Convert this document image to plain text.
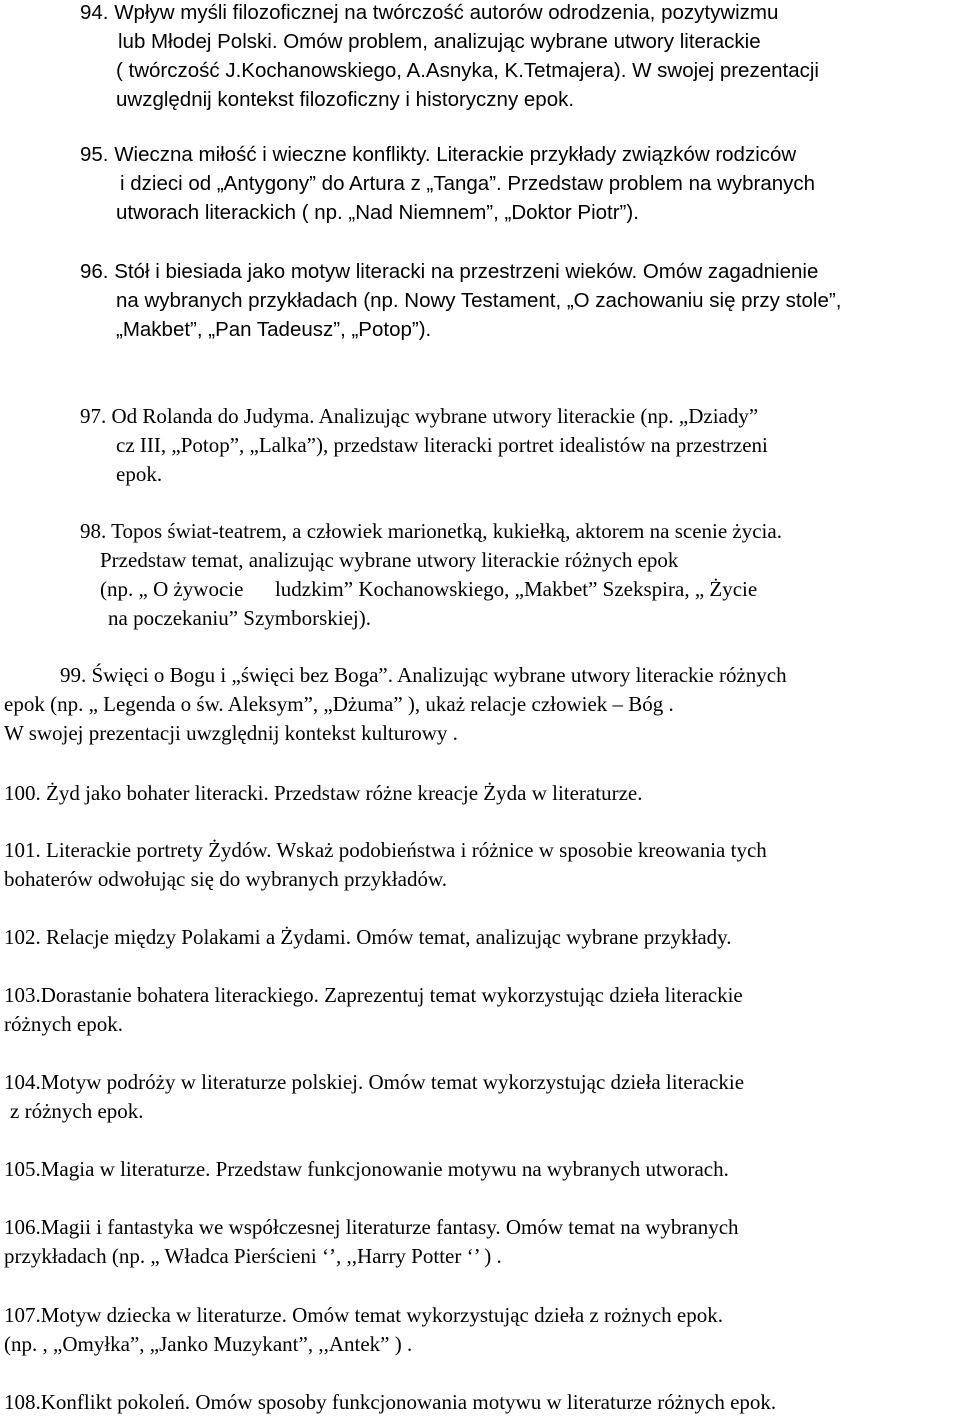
94. Wpływ myśli filozoficznej na twórczość autorów odrodzenia, pozytywizmu

lub Młodej Polski. Omów problem, analizując wybrane utwory literackie

( twórczość J.Kochanowskiego, A.Asnyka, K.Tetmajera). W swojej prezentacji

uwzględnij kontekst filozoficzny i historyczny epok.

95. Wieczna miłość i wieczne konflikty. Literackie przykłady związków rodziców

i dzieci od „Antygony” do Artura z „Tanga”. Przedstaw problem na wybranych

utworach literackich ( np. „Nad Niemnem”, „Doktor Piotr”).

96. Stół i biesiada jako motyw literacki na przestrzeni wieków. Omów zagadnienie

na wybranych przykładach (np. Nowy Testament, „O zachowaniu się przy stole”,

„Makbet”, „Pan Tadeusz”, „Potop”).

97. Od Rolanda do Judyma. Analizując wybrane utwory literackie (np. „Dziady”

cz III, „Potop”, „Lalka”), przedstaw literacki portret idealistów na przestrzeni

epok.

98. Topos świat-teatrem, a człowiek marionetką, kukiełką, aktorem na scenie życia.

Przedstaw temat, analizując wybrane utwory literackie różnych epok

(np. „ O żywocie      ludzkim” Kochanowskiego, „Makbet” Szekspira, „ Życie

na poczekaniu” Szymborskiej).

99. Święci o Bogu i „święci bez Boga”. Analizując wybrane utwory literackie różnych

epok (np. „ Legenda o św. Aleksym”, „Dżuma” ), ukaż relacje człowiek – Bóg .

W swojej prezentacji uwzględnij kontekst kulturowy .

100. Żyd jako bohater literacki. Przedstaw różne kreacje Żyda w literaturze.

101. Literackie portrety Żydów. Wskaż podobieństwa i różnice w sposobie kreowania tych

bohaterów odwołując się do wybranych przykładów.

102. Relacje między Polakami a Żydami. Omów temat, analizując wybrane przykłady.

103.Dorastanie bohatera literackiego. Zaprezentuj temat wykorzystując dzieła literackie

różnych epok.

104.Motyw podróży w literaturze polskiej. Omów temat wykorzystując dzieła literackie

z różnych epok.

105.Magia w literaturze. Przedstaw funkcjonowanie motywu na wybranych utworach.

106.Magii i fantastyka we współczesnej literaturze fantasy. Omów temat na wybranych

przykładach (np. „ Władca Pierścieni ‘’, ,,Harry Potter ‘’ ) .

107.Motyw dziecka w literaturze. Omów temat wykorzystując dzieła z rożnych epok.

(np. , „Omyłka”, „Janko Muzykant”, ,,Antek” ) .

108.Konflikt pokoleń. Omów sposoby funkcjonowania motywu w literaturze różnych epok.
